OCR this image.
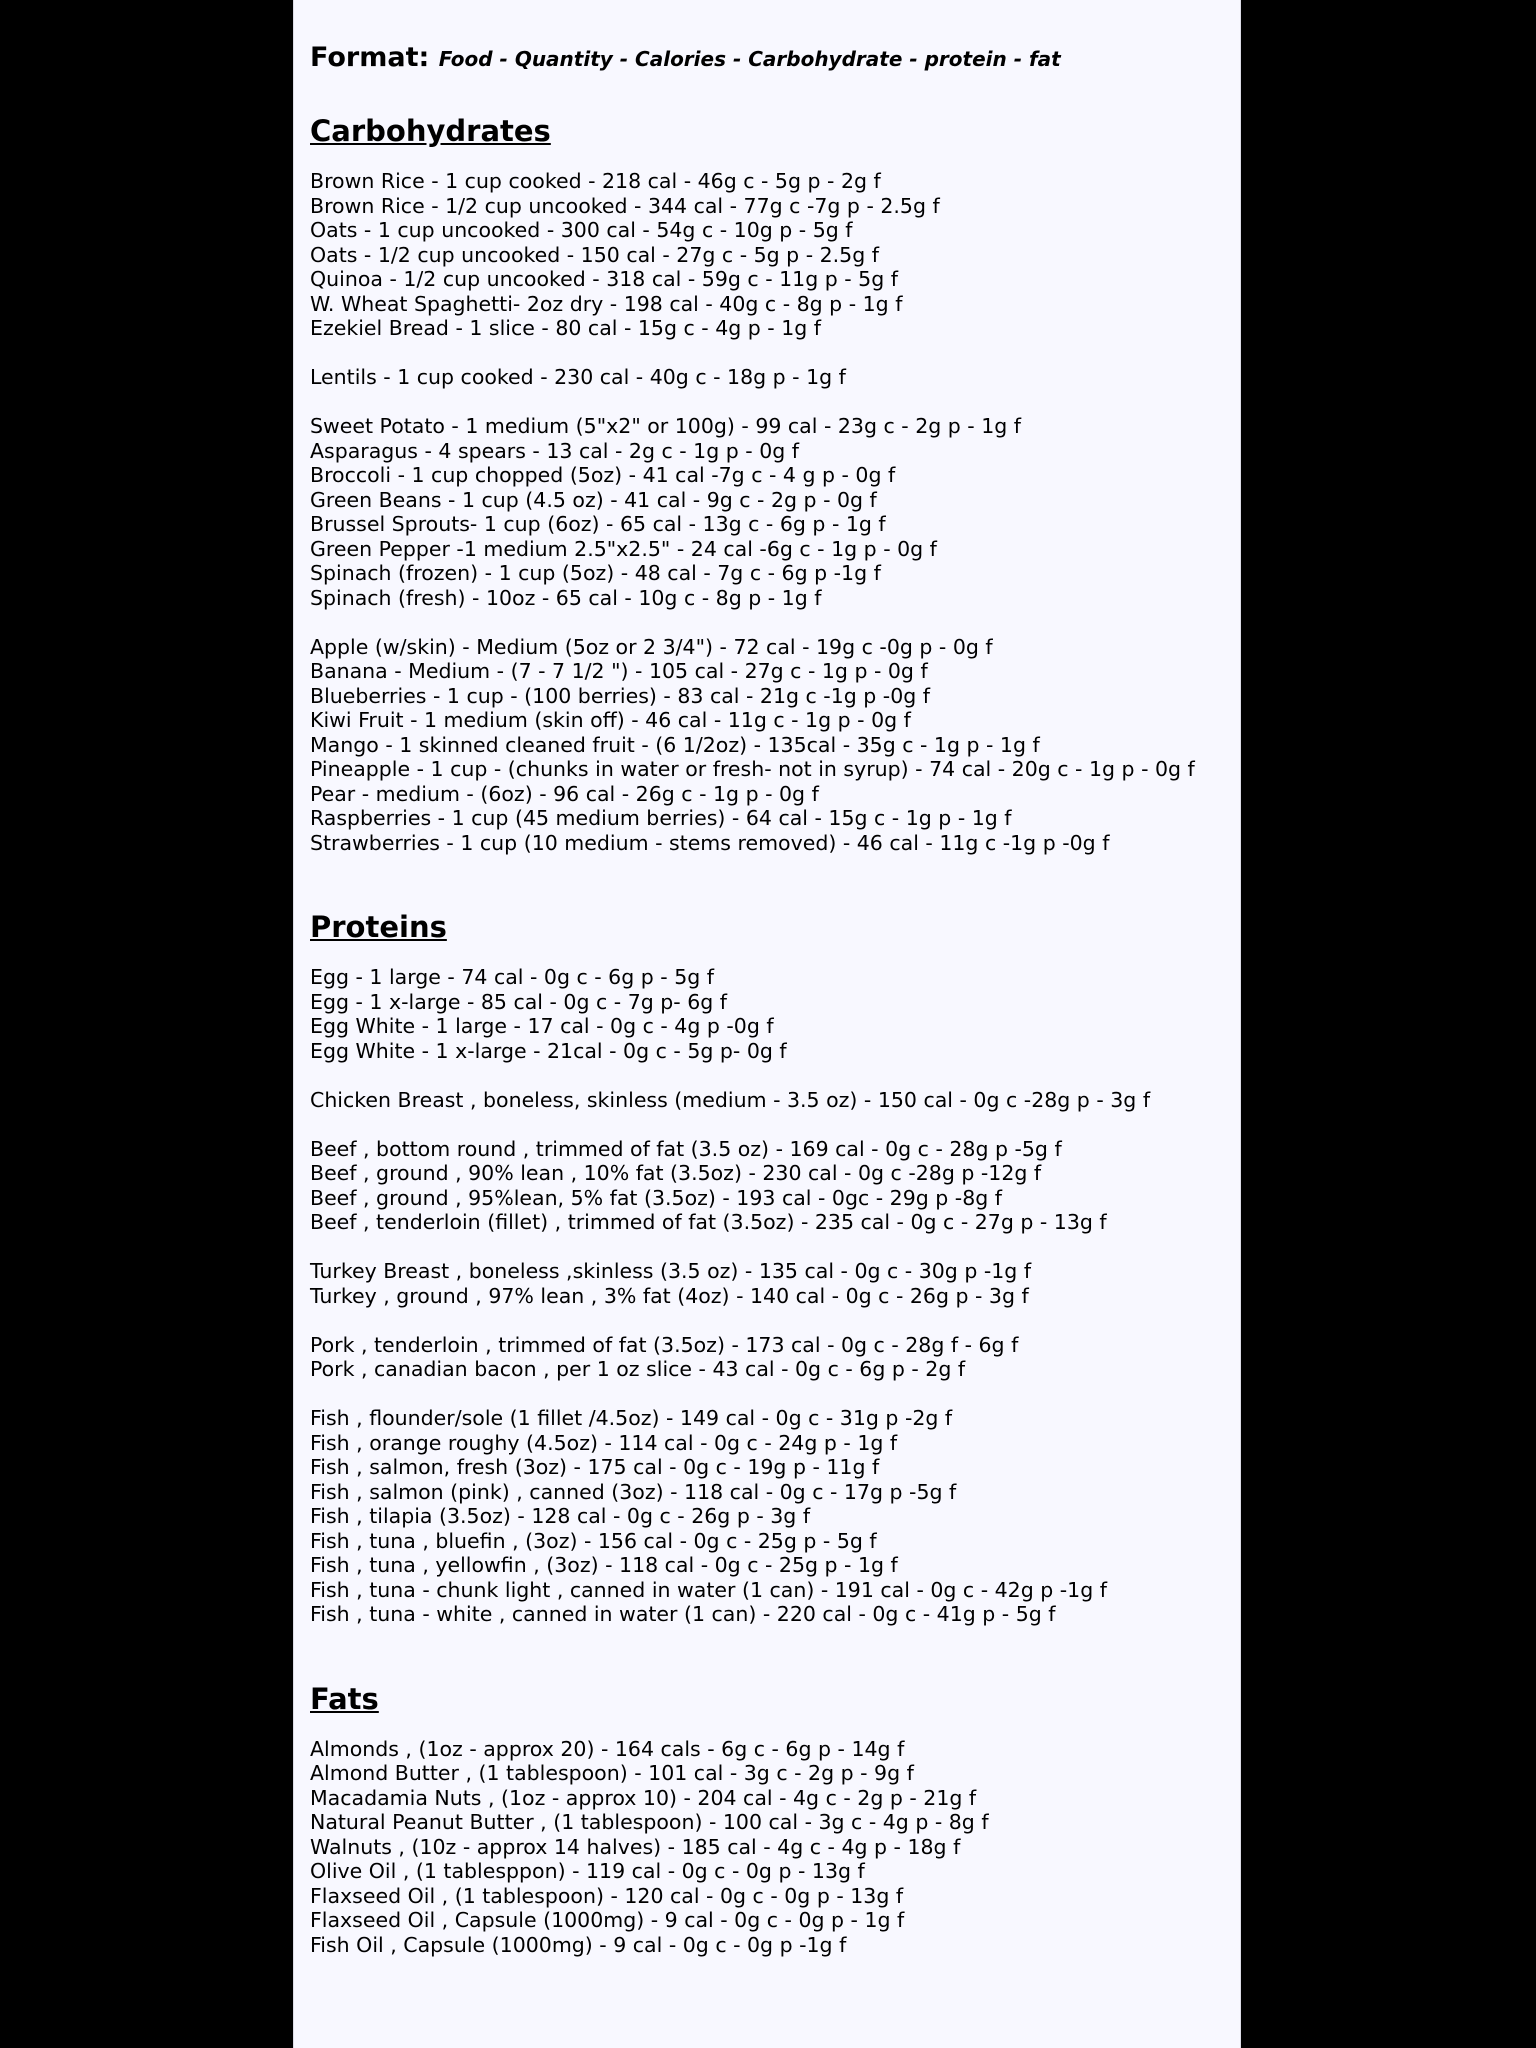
Format: Food - Quantity - Calories - Carbohydrate - protein - fat
Carbohydrates
Brown Rice - 1 cup cooked - 218 cal - 46g c - 5g p - 2g f
Brown Rice - 1/2 cup uncooked - 344 cal - 77g c -7g p - 2.5g f
Oats - 1 cup uncooked - 300 cal - 54g c - 10g p - 5g f
Oats - 1/2 cup uncooked - 150 cal - 27g c - 5g p - 2.5g f
Quinoa - 1/2 cup uncooked - 318 cal - 59g c - 11g p - 5g f
W. Wheat Spaghetti- 2oz dry - 198 cal - 40g c - 8g p - 1g f
Ezekiel Bread - 1 slice - 80 cal - 15g c - 4g p - 1g f
Lentils - 1 cup cooked - 230 cal - 40g c - 18g p - 1g f
Sweet Potato - 1 medium (5"x2" or 100g) - 99 cal - 23g c - 2g p - 1g f
Asparagus - 4 spears - 13 cal - 2g c - 1g p - 0g f
Broccoli - 1 cup chopped (5oz) - 41 cal -7g c - 4 g p - 0g f
Green Beans - 1 cup (4.5 oz) - 41 cal - 9g c - 2g p - 0g f
Brussel Sprouts- 1 cup (6oz) - 65 cal - 13g c - 6g p - 1g f
Green Pepper -1 medium 2.5"x2.5" - 24 cal -6g c - 1g p - 0g f
Spinach (frozen) - 1 cup (5oz) - 48 cal - 7g c - 6g p -1g f
Spinach (fresh) - 10oz - 65 cal - 10g c - 8g p - 1g f
Apple (w/skin) - Medium (5oz or 2 3/4") - 72 cal - 19g c -0g p - 0g f
Banana - Medium - (7 - 7 1/2 ") - 105 cal - 27g c - 1g p - 0g f
Blueberries - 1 cup - (100 berries) - 83 cal - 21g c -1g p -0g f
Kiwi Fruit - 1 medium (skin off) - 46 cal - 11g c - 1g p - 0g f
Mango - 1 skinned cleaned fruit - (6 1/2oz) - 135cal - 35g c - 1g p - 1g f
Pineapple - 1 cup - (chunks in water or fresh- not in syrup) - 74 cal - 20g c - 1g p - 0g f
Pear - medium - (6oz) - 96 cal - 26g c - 1g p - 0g f
Raspberries - 1 cup (45 medium berries) - 64 cal - 15g c - 1g p - 1g f
Strawberries - 1 cup (10 medium - stems removed) - 46 cal - 11g c -1g p -0g f
Proteins
Egg - 1 large - 74 cal - 0g c - 6g p - 5g f
Egg - 1 x-large - 85 cal - 0g c - 7g p- 6g f
Egg White - 1 large - 17 cal - 0g c - 4g p -0g f
Egg White - 1 x-large - 21cal - 0g c - 5g p- 0g f
Chicken Breast , boneless, skinless (medium - 3.5 oz) - 150 cal - 0g c -28g p - 3g f
Beef , bottom round , trimmed of fat (3.5 oz) - 169 cal - 0g c - 28g p -5g f
Beef , ground , 90% lean , 10% fat (3.5oz) - 230 cal - 0g c -28g p -12g f
Beef , ground , 95%lean, 5% fat (3.5oz) - 193 cal - 0gc - 29g p -8g f
Beef , tenderloin (fillet) , trimmed of fat (3.5oz) - 235 cal - 0g c - 27g p - 13g f
Turkey Breast , boneless ,skinless (3.5 oz) - 135 cal - 0g c - 30g p -1g f
Turkey , ground , 97% lean , 3% fat (4oz) - 140 cal - 0g c - 26g p - 3g f
Pork , tenderloin , trimmed of fat (3.5oz) - 173 cal - 0g c - 28g f - 6g f
Pork , canadian bacon , per 1 oz slice - 43 cal - 0g c - 6g p - 2g f
Fish , flounder/sole (1 fillet /4.5oz) - 149 cal - 0g c - 31g p -2g f
Fish , orange roughy (4.5oz) - 114 cal - 0g c - 24g p - 1g f
Fish , salmon, fresh (3oz) - 175 cal - 0g c - 19g p - 11g f
Fish , salmon (pink) , canned (3oz) - 118 cal - 0g c - 17g p -5g f
Fish , tilapia (3.5oz) - 128 cal - 0g c - 26g p - 3g f
Fish , tuna , bluefin , (3oz) - 156 cal - 0g c - 25g p - 5g f
Fish , tuna , yellowfin , (3oz) - 118 cal - 0g c - 25g p - 1g f
Fish , tuna - chunk light , canned in water (1 can) - 191 cal - 0g c - 42g p -1g f
Fish , tuna - white , canned in water (1 can) - 220 cal - 0g c - 41g p - 5g f
Fats
Almonds , (1oz - approx 20) - 164 cals - 6g c - 6g p - 14g f
Almond Butter , (1 tablespoon) - 101 cal - 3g c - 2g p - 9g f
Macadamia Nuts , (1oz - approx 10) - 204 cal - 4g c - 2g p - 21g f
Natural Peanut Butter , (1 tablespoon) - 100 cal - 3g c - 4g p - 8g f
Walnuts , (10z - approx 14 halves) - 185 cal - 4g c - 4g p - 18g f
Olive Oil , (1 tablesppon) - 119 cal - 0g c - 0g p - 13g f
Flaxseed Oil , (1 tablespoon) - 120 cal - 0g c - 0g p - 13g f
Flaxseed Oil , Capsule (1000mg) - 9 cal - 0g c - 0g p - 1g f
Fish Oil , Capsule (1000mg) - 9 cal - 0g c - 0g p -1g f
